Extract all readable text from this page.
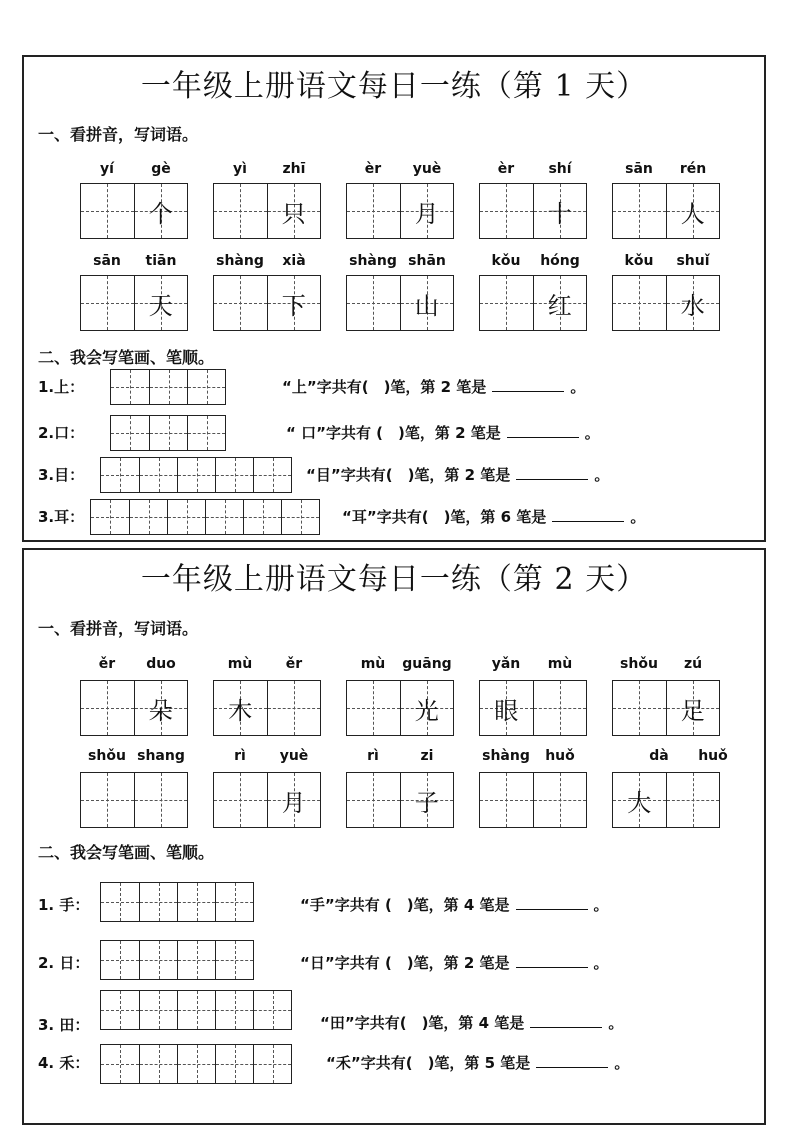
一年级上册语文每日一练（第 1 天）
一、看拼音，写词语。
yí	gè
个
yì	zhī
只
èr yuè
月
èr shí
十
sān rén
人
sān tiān
天
shàng xià
下
shàng shān
山
kǒu hóng
红
kǒu shuǐ
水
二、我会写笔画、笔顺。
1.上：	“上”字共有(　)笔，第 2 笔是	。
2.口：	“ 口”字共有 (　)笔，第 2 笔是	。
3.目：	“目”字共有(　)笔，第 2 笔是	。
3.耳：	“耳”字共有(　)笔，第 6 笔是	。
一年级上册语文每日一练（第 2 天）
一、看拼音，写词语。
ěr duo
朵
mù ěr
木
mù guāng
光
yǎn mù
眼
shǒu zú
足
shǒu shang	rì yuè
月
rì	zi
子
shàng huǒ	dà huǒ
大
二、我会写笔画、笔顺。
1. 手：	“手”字共有 (　)笔，第 4 笔是	。
2. 日：	“日”字共有 (　)笔，第 2 笔是	。
3. 田：	“田”字共有(　)笔，第 4 笔是	。
4. 禾：	“禾”字共有(　)笔，第 5 笔是	。
